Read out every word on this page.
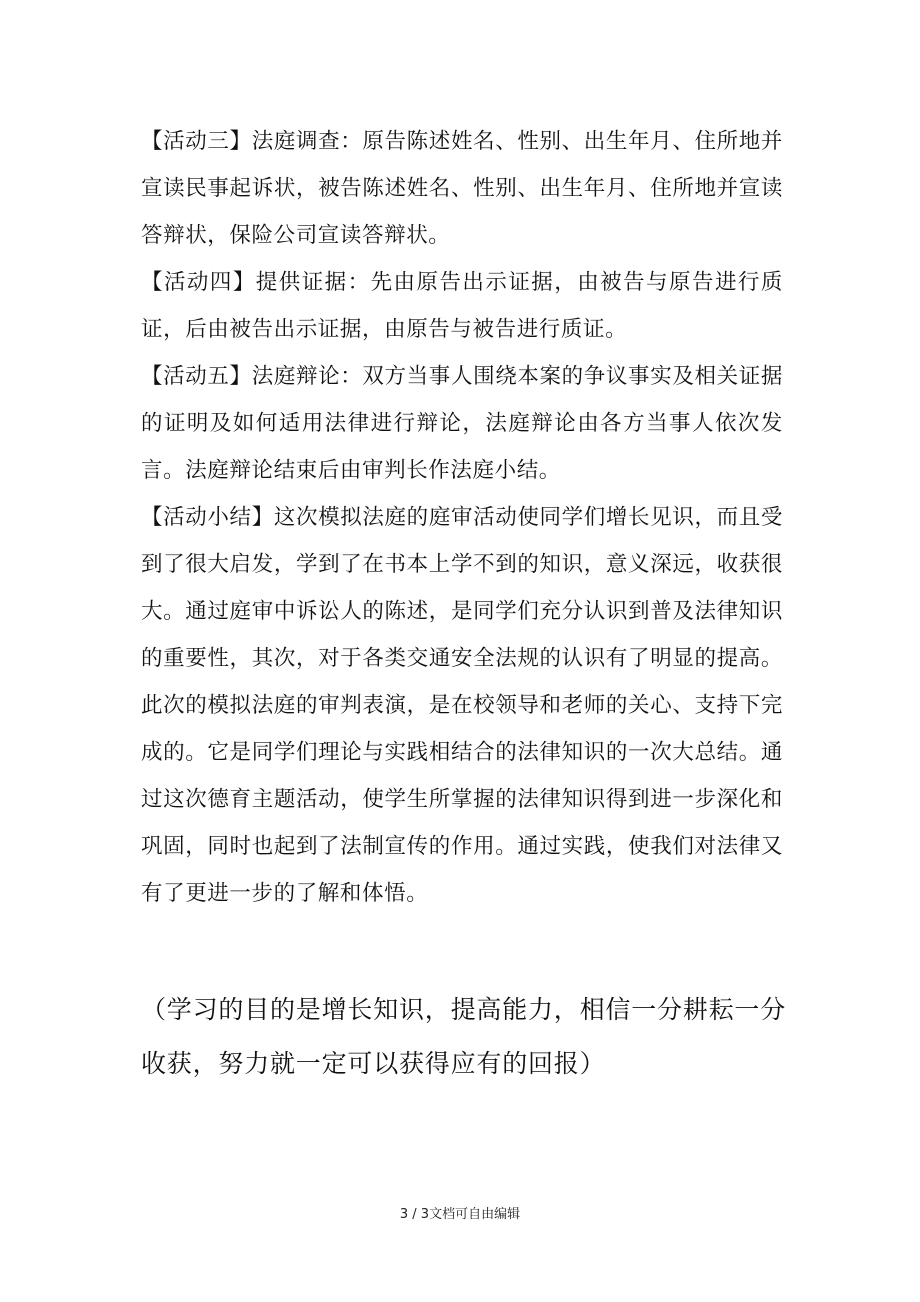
【活动三】法庭调查：原告陈述姓名、性别、出生年月、住所地并宣读民事起诉状，被告陈述姓名、性别、出生年月、住所地并宣读答辩状，保险公司宣读答辩状。

【活动四】提供证据：先由原告出示证据，由被告与原告进行质证，后由被告出示证据，由原告与被告进行质证。

【活动五】法庭辩论：双方当事人围绕本案的争议事实及相关证据的证明及如何适用法律进行辩论，法庭辩论由各方当事人依次发言。法庭辩论结束后由审判长作法庭小结。

【活动小结】这次模拟法庭的庭审活动使同学们增长见识，而且受到了很大启发，学到了在书本上学不到的知识，意义深远，收获很大。通过庭审中诉讼人的陈述，是同学们充分认识到普及法律知识的重要性，其次，对于各类交通安全法规的认识有了明显的提高。此次的模拟法庭的审判表演，是在校领导和老师的关心、支持下完成的。它是同学们理论与实践相结合的法律知识的一次大总结。通过这次德育主题活动，使学生所掌握的法律知识得到进一步深化和巩固，同时也起到了法制宣传的作用。通过实践，使我们对法律又有了更进一步的了解和体悟。

（学习的目的是增长知识，提高能力，相信一分耕耘一分收获，努力就一定可以获得应有的回报）

3 / 3文档可自由编辑
